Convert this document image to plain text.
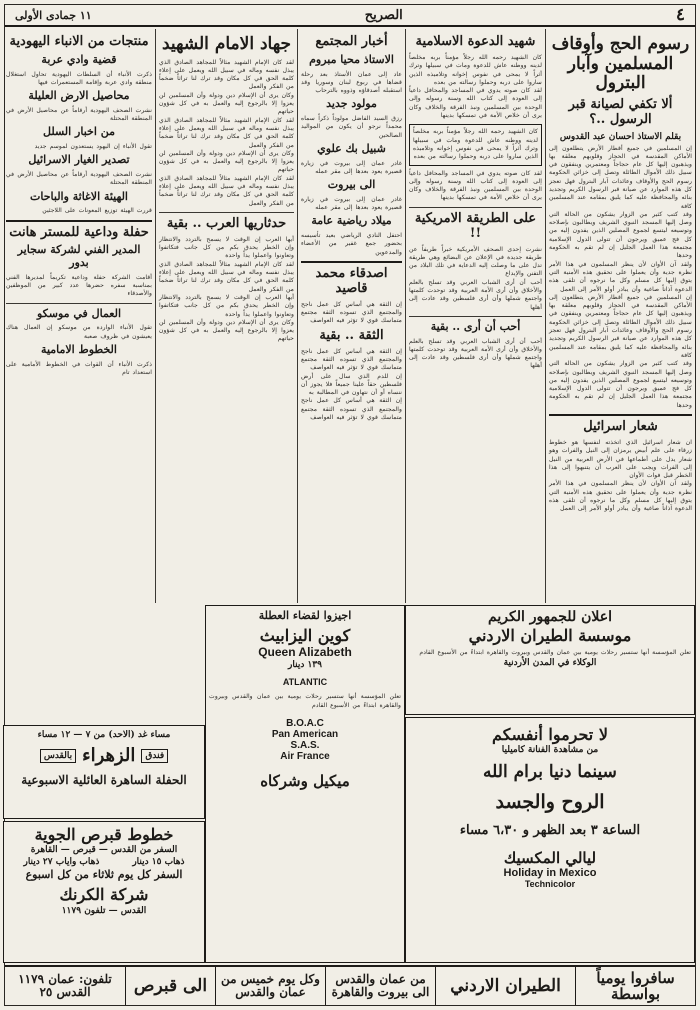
٤
الصريح
١١ جمادى الأولى
رسوم الحج وأوقاف المسلمين وآبار البترول
ألا تكفي لصيانة قبر الرسول ..؟
بقلم الاستاذ احسان عبد القدوس
إن المسلمين في جميع أقطار الأرض يتطلعون إلى الأماكن المقدسة في الحجاز وقلوبهم معلقة بها ويذهبون إليها كل عام حجاجاً ومعتمرين وينفقون في سبيل ذلك الأموال الطائلة وتصل إلى خزائن الحكومة رسوم الحج والأوقاف وعائدات آبار البترول فهل تعجز كل هذه الموارد عن صيانة قبر الرسول الكريم وتجديد بنائه والمحافظة عليه كما يليق بمقامه عند المسلمين كافة
وقد كتب كثير من الزوار يشكون من الحالة التي وصل إليها المسجد النبوي الشريف ويطالبون بإصلاحه وتوسيعه ليتسع لجموع المصلين الذين يفدون إليه من كل فج عميق ويرجون أن تتولى الدول الإسلامية مجتمعة هذا العمل الجليل إن لم تقم به الحكومة وحدها
ولقد آن الأوان لأن ينظر المسلمون في هذا الأمر نظرة جدية وأن يعملوا على تحقيق هذه الأمنية التي يتوق إليها كل مسلم وكل ما نرجوه أن تلقى هذه الدعوة آذاناً صاغية وأن يبادر أولو الأمر إلى العمل
إن المسلمين في جميع أقطار الأرض يتطلعون إلى الأماكن المقدسة في الحجاز وقلوبهم معلقة بها ويذهبون إليها كل عام حجاجاً ومعتمرين وينفقون في سبيل ذلك الأموال الطائلة وتصل إلى خزائن الحكومة رسوم الحج والأوقاف وعائدات آبار البترول فهل تعجز كل هذه الموارد عن صيانة قبر الرسول الكريم وتجديد بنائه والمحافظة عليه كما يليق بمقامه عند المسلمين كافة
وقد كتب كثير من الزوار يشكون من الحالة التي وصل إليها المسجد النبوي الشريف ويطالبون بإصلاحه وتوسيعه ليتسع لجموع المصلين الذين يفدون إليه من كل فج عميق ويرجون أن تتولى الدول الإسلامية مجتمعة هذا العمل الجليل إن لم تقم به الحكومة وحدها
شعار اسرائيل
ان شعار اسرائيل الذي اتخذته لنفسها هو خطوط زرقاء على علم أبيض يرمزان إلى النيل والفرات وهو شعار يدل على أطماعها في الأرض العربية من النيل إلى الفرات ويجب على العرب أن يتنبهوا إلى هذا الخطر قبل فوات الأوان
ولقد آن الأوان لأن ينظر المسلمون في هذا الأمر نظرة جدية وأن يعملوا على تحقيق هذه الأمنية التي يتوق إليها كل مسلم وكل ما نرجوه أن تلقى هذه الدعوة آذاناً صاغية وأن يبادر أولو الأمر إلى العمل
شهيد الدعوة الاسلامية
كان الشهيد رحمه الله رجلاً مؤمناً بربه مخلصاً لدينه ووطنه عاش للدعوة ومات في سبيلها وترك أثراً لا يمحى في نفوس إخوانه وتلاميذه الذين ساروا على دربه وحملوا رسالته من بعده
لقد كان صوته يدوي في المساجد والمحافل داعياً إلى العودة إلى كتاب الله وسنة رسوله وإلى الوحدة بين المسلمين ونبذ الفرقة والخلاف وكان يرى أن خلاص الأمة في تمسكها بدينها
كان الشهيد رحمه الله رجلاً مؤمناً بربه مخلصاً لدينه ووطنه عاش للدعوة ومات في سبيلها وترك أثراً لا يمحى في نفوس إخوانه وتلاميذه الذين ساروا على دربه وحملوا رسالته من بعده
لقد كان صوته يدوي في المساجد والمحافل داعياً إلى العودة إلى كتاب الله وسنة رسوله وإلى الوحدة بين المسلمين ونبذ الفرقة والخلاف وكان يرى أن خلاص الأمة في تمسكها بدينها
على الطريقة الامريكية !!
نشرت إحدى الصحف الأمريكية خبراً طريفاً عن طريقة جديدة في الإعلان عن البضائع وهي طريقة تدل على ما وصلت إليه الدعاية في تلك البلاد من التفنن والإبداع
أحب أن أرى الشباب العربي وقد تسلح بالعلم والأخلاق وأن أرى الأمة العربية وقد توحدت كلمتها واجتمع شملها وأن أرى فلسطين وقد عادت إلى أهلها
أحب أن أرى .. بقية
أحب أن أرى الشباب العربي وقد تسلح بالعلم والأخلاق وأن أرى الأمة العربية وقد توحدت كلمتها واجتمع شملها وأن أرى فلسطين وقد عادت إلى أهلها
أخبار المجتمع
الاستاذ محيا مبروم
عاد إلى عمان الأستاذ بعد رحلة قضاها في ربوع لبنان وسوريا وقد استقبله أصدقاؤه وذووه بالترحاب
مولود جديد
رزق السيد الفاضل مولوداً ذكراً سماه محمداً نرجو أن يكون من المواليد الصالحين
شبيل بك علوي
غادر عمان إلى بيروت في زيارة قصيرة يعود بعدها إلى مقر عمله
الى بيروت
غادر عمان إلى بيروت في زيارة قصيرة يعود بعدها إلى مقر عمله
ميلاد رياضية عامة
احتفل النادي الرياضي بعيد تأسيسه بحضور جمع غفير من الأعضاء والمدعوين
اصدقاء محمد قاصيد
إن الثقة هي أساس كل عمل ناجح والمجتمع الذي تسوده الثقة مجتمع متماسك قوي لا تؤثر فيه العواصف
الثقة .. بقية
إن الثقة هي أساس كل عمل ناجح والمجتمع الذي تسوده الثقة مجتمع متماسك قوي لا تؤثر فيه العواصف
إن للدم الذي سال على أرض فلسطين حقاً علينا جميعاً فلا يجوز أن ننساه أو أن نتهاون في المطالبة به
إن الثقة هي أساس كل عمل ناجح والمجتمع الذي تسوده الثقة مجتمع متماسك قوي لا تؤثر فيه العواصف
جهاد الامام الشهيد
لقد كان الإمام الشهيد مثالاً للمجاهد الصادق الذي يبذل نفسه وماله في سبيل الله ويعمل على إعلاء كلمة الحق في كل مكان وقد ترك لنا تراثاً ضخماً من الفكر والعمل
وكان يرى أن الإسلام دين ودولة وأن المسلمين لن يعزوا إلا بالرجوع إليه والعمل به في كل شؤون حياتهم
لقد كان الإمام الشهيد مثالاً للمجاهد الصادق الذي يبذل نفسه وماله في سبيل الله ويعمل على إعلاء كلمة الحق في كل مكان وقد ترك لنا تراثاً ضخماً من الفكر والعمل
وكان يرى أن الإسلام دين ودولة وأن المسلمين لن يعزوا إلا بالرجوع إليه والعمل به في كل شؤون حياتهم
لقد كان الإمام الشهيد مثالاً للمجاهد الصادق الذي يبذل نفسه وماله في سبيل الله ويعمل على إعلاء كلمة الحق في كل مكان وقد ترك لنا تراثاً ضخماً من الفكر والعمل
حدثاريها العرب .. بقية
أيها العرب إن الوقت لا يسمح بالتردد والانتظار وإن الخطر يحدق بكم من كل جانب فتكاتفوا وتعاونوا واعملوا يداً واحدة
لقد كان الإمام الشهيد مثالاً للمجاهد الصادق الذي يبذل نفسه وماله في سبيل الله ويعمل على إعلاء كلمة الحق في كل مكان وقد ترك لنا تراثاً ضخماً من الفكر والعمل
أيها العرب إن الوقت لا يسمح بالتردد والانتظار وإن الخطر يحدق بكم من كل جانب فتكاتفوا وتعاونوا واعملوا يداً واحدة
وكان يرى أن الإسلام دين ودولة وأن المسلمين لن يعزوا إلا بالرجوع إليه والعمل به في كل شؤون حياتهم
منتجات من الانباء اليهودية
قضية وادي عربة
ذكرت الأنباء أن السلطات اليهودية تحاول استغلال منطقة وادي عربة وإقامة المستعمرات فيها
محاصيل الارض العليلة
نشرت الصحف اليهودية أرقاماً عن محاصيل الأرض في المنطقة المحتلة
من اخبار السلل
تقول الأنباء إن اليهود يستعدون لموسم جديد
تصدير الغيار الاسرائيل
نشرت الصحف اليهودية أرقاماً عن محاصيل الأرض في المنطقة المحتلة
الهيئة الاغاثة والباحات
قررت الهيئة توزيع المعونات على اللاجئين
حفلة وداعية للمستر هانت
المدير الفني لشركة سجاير بدور
أقامت الشركة حفلة وداعية تكريماً لمديرها الفني بمناسبة سفره حضرها عدد كبير من الموظفين والأصدقاء
العمال في موسكو
تقول الأنباء الواردة من موسكو إن العمال هناك يعيشون في ظروف صعبة
الخطوط الامامية
ذكرت الأنباء أن القوات في الخطوط الأمامية على استعداد تام
اعلان للجمهور الكريم
موسسة الطيران الاردني
تعلن المؤسسة أنها ستسير رحلات يومية بين عمان والقدس وبيروت والقاهرة ابتداءً من الأسبوع القادم
الوكلاء في المدن الأردنية
لا تحرموا أنفسكم
من مشاهدة الفنانة كاميليا
سينما دنيا برام الله
الروح والجسد
الساعة ٣ بعد الظهر و ٦،٣٠ مساء
ليالي المكسيك
Holiday in Mexico
Technicolor
اجيزوا لقضاء العطلة
كوين اليزابيث
Queen Alizabeth
١٣٩ دينار
ATLANTIC
تعلن المؤسسة أنها ستسير رحلات يومية بين عمان والقدس وبيروت والقاهرة ابتداءً من الأسبوع القادم
B.O.A.C
Pan American
S.A.S.
Air France
ميكيل وشركاه
مساء غد (الاحد) من ٧ — ١٢ مساء
فندق
الزهراء
بالقدس
الحفلة الساهرة العائلية الاسبوعية
خطوط قبرص الجوية
السفر من القدس — قبرص — القاهرة
ذهاب ١٥ دينار
ذهاب واياب ٢٧ دينار
السفر كل يوم ثلاثاء من كل اسبوع
شركة الكرنك
القدس — تلفون ١١٧٩
سافروا يومياً بواسطة
الطيران الاردني
من عمان والقدس الى بيروت والقاهرة
وكل يوم خميس من عمان والقدس
الى قبرص
تلفون: عمان ١١٧٩ القدس ٢٥
